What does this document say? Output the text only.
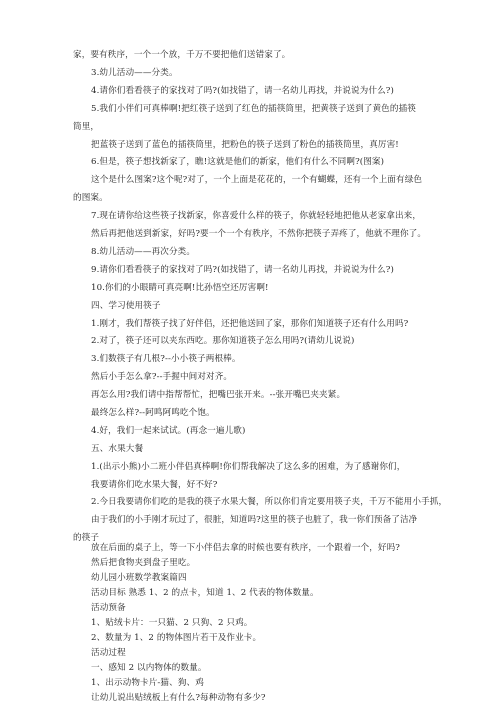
家，要有秩序，一个一个放，千万不要把他们送错家了。
3.幼儿活动——分类。
4.请你们看看筷子的家找对了吗?(如找错了，请一名幼儿再找，并说说为什么?)
5.我们小伴们可真棒啊!把红筷子送到了红色的插筷筒里，把黄筷子送到了黄色的插筷
筒里，
把蓝筷子送到了蓝色的插筷筒里，把粉色的筷子送到了粉色的插筷筒里，真厉害!
6.但是，筷子想找新家了，瞧!这就是他们的新家，他们有什么不同啊?(图案)
这个是什么图案?这个呢?对了，一个上面是花花的，一个有蝴蝶，还有一个上面有绿色
的图案。
7.现在请你给这些筷子找新家，你喜爱什么样的筷子，你就轻轻地把他从老家拿出来，
然后再把他送到新家，好吗?要一个一个有秩序，不然你把筷子弄疼了，他就不理你了。
8.幼儿活动——再次分类。
9.请你们看看筷子的家找对了吗?(如找错了，请一名幼儿再找，并说说为什么?)
10.你们的小眼睛可真亮啊!比孙悟空还厉害啊!
四、学习使用筷子
1.刚才，我们帮筷子找了好伴侣，还把他送回了家，那你们知道筷子还有什么用吗?
2.对了，筷子还可以夹东西吃。那你知道筷子怎么用吗?(请幼儿说说)
3.们数筷子有几根?--小小筷子两根棒。
然后小手怎么拿?--手握中间对对齐。
再怎么用?我们请中指帮帮忙，把嘴巴张开来。--张开嘴巴夹夹紧。
最终怎么样?--阿鸣阿鸣吃个饱。
4.好，我们一起来试试。(再念一遍儿歌)
五、水果大餐
1.(出示小熊)小二班小伴侣真棒啊!你们帮我解决了这么多的困难，为了感谢你们，
我要请你们吃水果大餐，好不好?
2.今日我要请你们吃的是我的筷子水果大餐，所以你们肯定要用筷子夹，千万不能用小手抓，
由于我们的小手刚才玩过了，很脏，知道吗?这里的筷子也脏了，我一你们预备了洁净
的筷子
放在后面的桌子上，等一下小伴侣去拿的时候也要有秩序，一个跟着一个，好吗?
然后把食物夹到盘子里吃。
幼儿园小班数学教案篇四
活动目标 熟悉 1、2 的点卡，知道 1、2 代表的物体数量。
活动预备
1、贴绒卡片：一只猫、2 只狗、2 只鸡。
2、数量为 1、2 的物体图片若干及作业卡。
活动过程
一、感知 2 以内物体的数量。
1、出示动物卡片-猫、狗、鸡
让幼儿说出贴绒板上有什么?每种动物有多少?
